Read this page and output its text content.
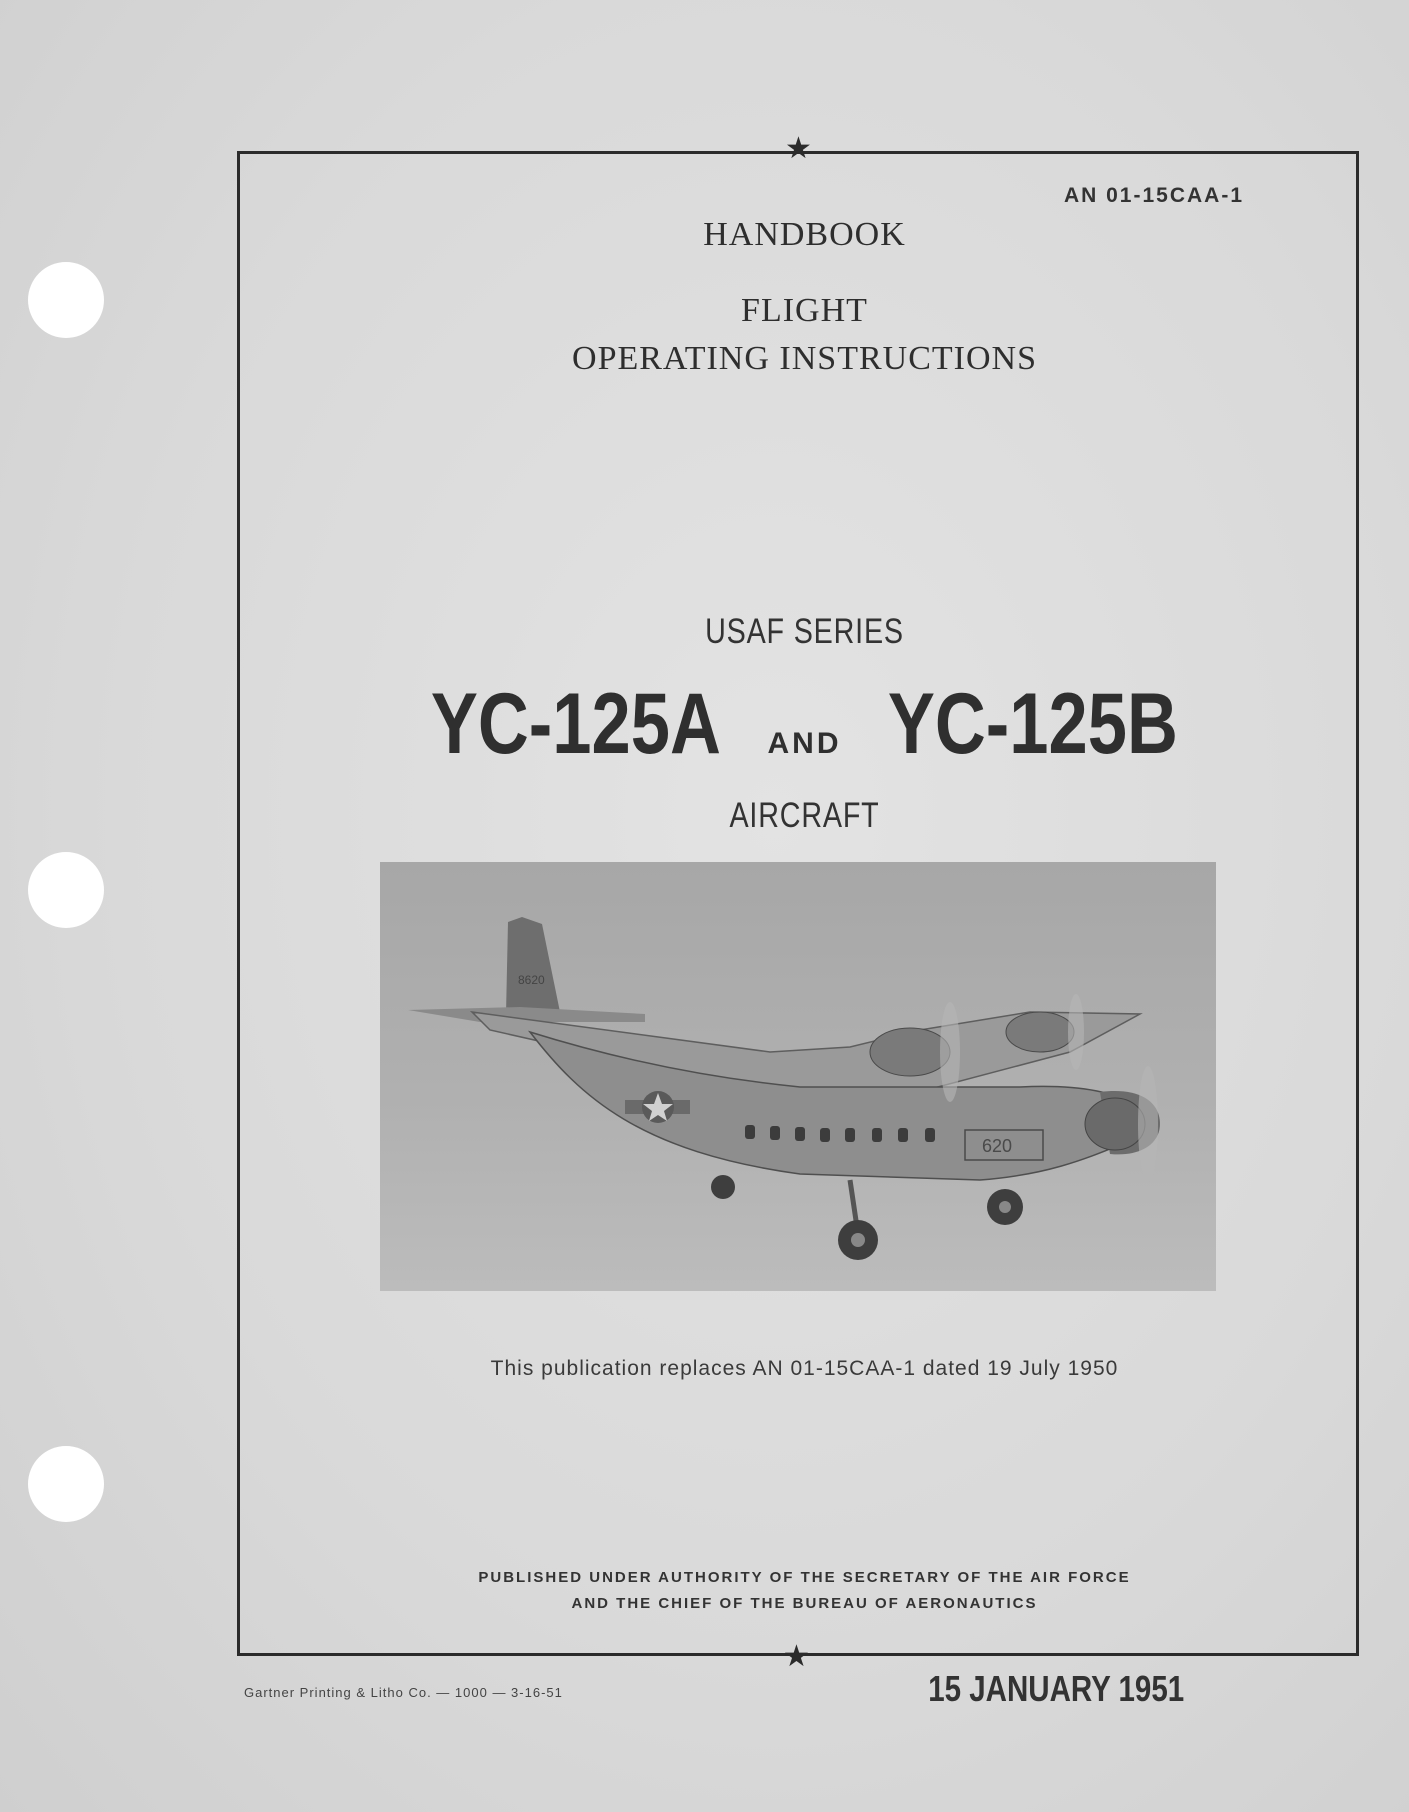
★
★
AN 01-15CAA-1
HANDBOOK
FLIGHT
OPERATING INSTRUCTIONS
USAF SERIES
YC-125A AND YC-125B
AIRCRAFT
8620
620
This publication replaces AN 01-15CAA-1 dated 19 July 1950
PUBLISHED UNDER AUTHORITY OF THE SECRETARY OF THE AIR FORCE
AND THE CHIEF OF THE BUREAU OF AERONAUTICS
Gartner Printing & Litho Co. — 1000 — 3-16-51	15 JANUARY 1951
